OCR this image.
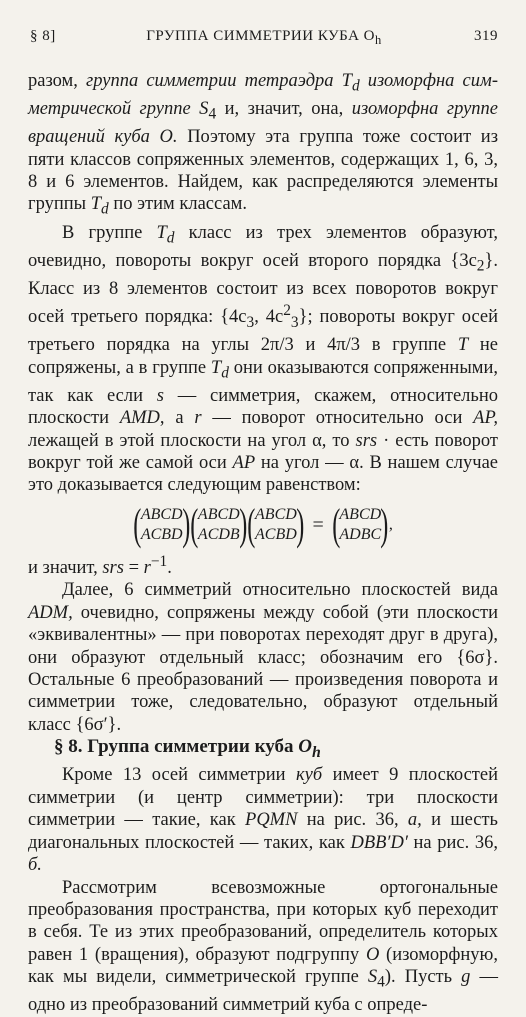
§ 8]	ГРУППА СИММЕТРИИ КУБА $O_h$	319

разом, группа симметрии тетраэдра $T_d$ изоморфна сим-метрической группе $S_4$ и, значит, она, изоморфна группе вращений куба O. Поэтому эта группа тоже состоит из пяти классов сопряженных элементов, содержащих 1, 6, 3, 8 и 6 элементов. Найдем, как распределяются элементы группы $T_d$ по этим классам.

В группе $T_d$ класс из трех элементов образуют, очевидно, повороты вокруг осей второго порядка $\{3c_2\}$. Класс из 8 элементов состоит из всех поворотов вокруг осей третьего порядка: {$4c_3$, $4c^2_3$}; повороты вокруг осей третьего порядка на углы 2π/3 и 4π/3 в группе T не сопряжены, а в группе $T_d$ они оказываются сопряженными, так как если s — симметрия, скажем, относительно плоскости AMD, а r — поворот относительно оси AP, лежащей в этой плоскости на угол α, то srs · есть поворот вокруг той же самой оси AP на угол — α. В нашем случае это доказывается следующим равенством:

( ABCD
ACBD ) ( ABCD
ACDB ) ( ABCD
ACBD ) = ( ABCD
ADBC ) ,

и значит, srs = $r^{-1}$.

Далее, 6 симметрий относительно плоскостей вида ADM, очевидно, сопряжены между собой (эти плоскости «эквивалентны» — при поворотах переходят друг в друга), они образуют отдельный класс; обозначим его {6σ}. Остальные 6 преобразований — произведения поворота и симметрии тоже, следовательно, образуют отдельный класс {6σ′}.

§ 8. Группа симметрии куба $O_h$

Кроме 13 осей симметрии куб имеет 9 плоскостей симметрии (и центр симметрии): три плоскости симметрии — такие, как PQMN на рис. 36, а, и шесть диагональных плоскостей — таких, как DBB′D′ на рис. 36, б.

Рассмотрим всевозможные ортогональные преобразования пространства, при которых куб переходит в себя. Те из этих преобразований, определитель которых равен 1 (вращения), образуют подгруппу O (изоморфную, как мы видели, симметрической группе $S_4$). Пусть g — одно из преобразований симметрий куба с опреде-
